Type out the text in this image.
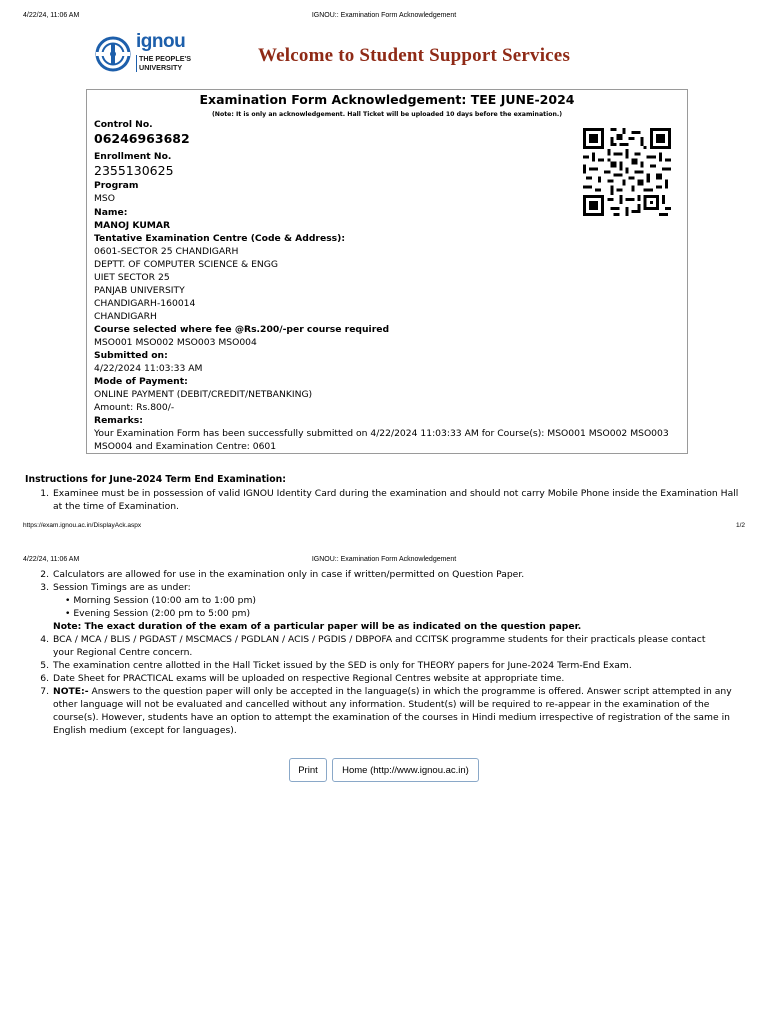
4/22/24, 11:06 AM	IGNOU:: Examination Form Acknowledgement
ignou
THE PEOPLE'S
UNIVERSITY
Welcome to Student Support Services
Examination Form Acknowledgement: TEE JUNE-2024
(Note: It is only an acknowledgement. Hall Ticket will be uploaded 10 days before the examination.)
Control No.
06246963682
Enrollment No.
2355130625
Program
MSO
Name:
MANOJ KUMAR
Tentative Examination Centre (Code & Address):
0601-SECTOR 25 CHANDIGARH
DEPTT. OF COMPUTER SCIENCE & ENGG
UIET SECTOR 25
PANJAB UNIVERSITY
CHANDIGARH-160014
CHANDIGARH
Course selected where fee @Rs.200/-per course required
MSO001 MSO002 MSO003 MSO004
Submitted on:
4/22/2024 11:03:33 AM
Mode of Payment:
ONLINE PAYMENT (DEBIT/CREDIT/NETBANKING)
Amount: Rs.800/-
Remarks:
Your Examination Form has been successfully submitted on 4/22/2024 11:03:33 AM for Course(s): MSO001 MSO002 MSO003
MSO004 and Examination Centre: 0601
Instructions for June-2024 Term End Examination:
1. Examinee must be in possession of valid IGNOU Identity Card during the examination and should not carry Mobile Phone inside the Examination Hall
at the time of Examination.
https://exam.ignou.ac.in/DisplayAck.aspx	1/2
4/22/24, 11:06 AM	IGNOU:: Examination Form Acknowledgement
2. Calculators are allowed for use in the examination only in case if written/permitted on Question Paper.
3. Session Timings are as under:
• Morning Session (10:00 am to 1:00 pm)
• Evening Session (2:00 pm to 5:00 pm)
Note: The exact duration of the exam of a particular paper will be as indicated on the question paper.
4. BCA / MCA / BLIS / PGDAST / MSCMACS / PGDLAN / ACIS / PGDIS / DBPOFA and CCITSK programme students for their practicals please contact
your Regional Centre concern.
5. The examination centre allotted in the Hall Ticket issued by the SED is only for THEORY papers for June-2024 Term-End Exam.
6. Date Sheet for PRACTICAL exams will be uploaded on respective Regional Centres website at appropriate time.
7. NOTE:- Answers to the question paper will only be accepted in the language(s) in which the programme is offered. Answer script attempted in any
other language will not be evaluated and cancelled without any information. Student(s) will be required to re-appear in the examination of the
course(s). However, students have an option to attempt the examination of the courses in Hindi medium irrespective of registration of the same in
English medium (except for languages).
Print	Home (http://www.ignou.ac.in)
